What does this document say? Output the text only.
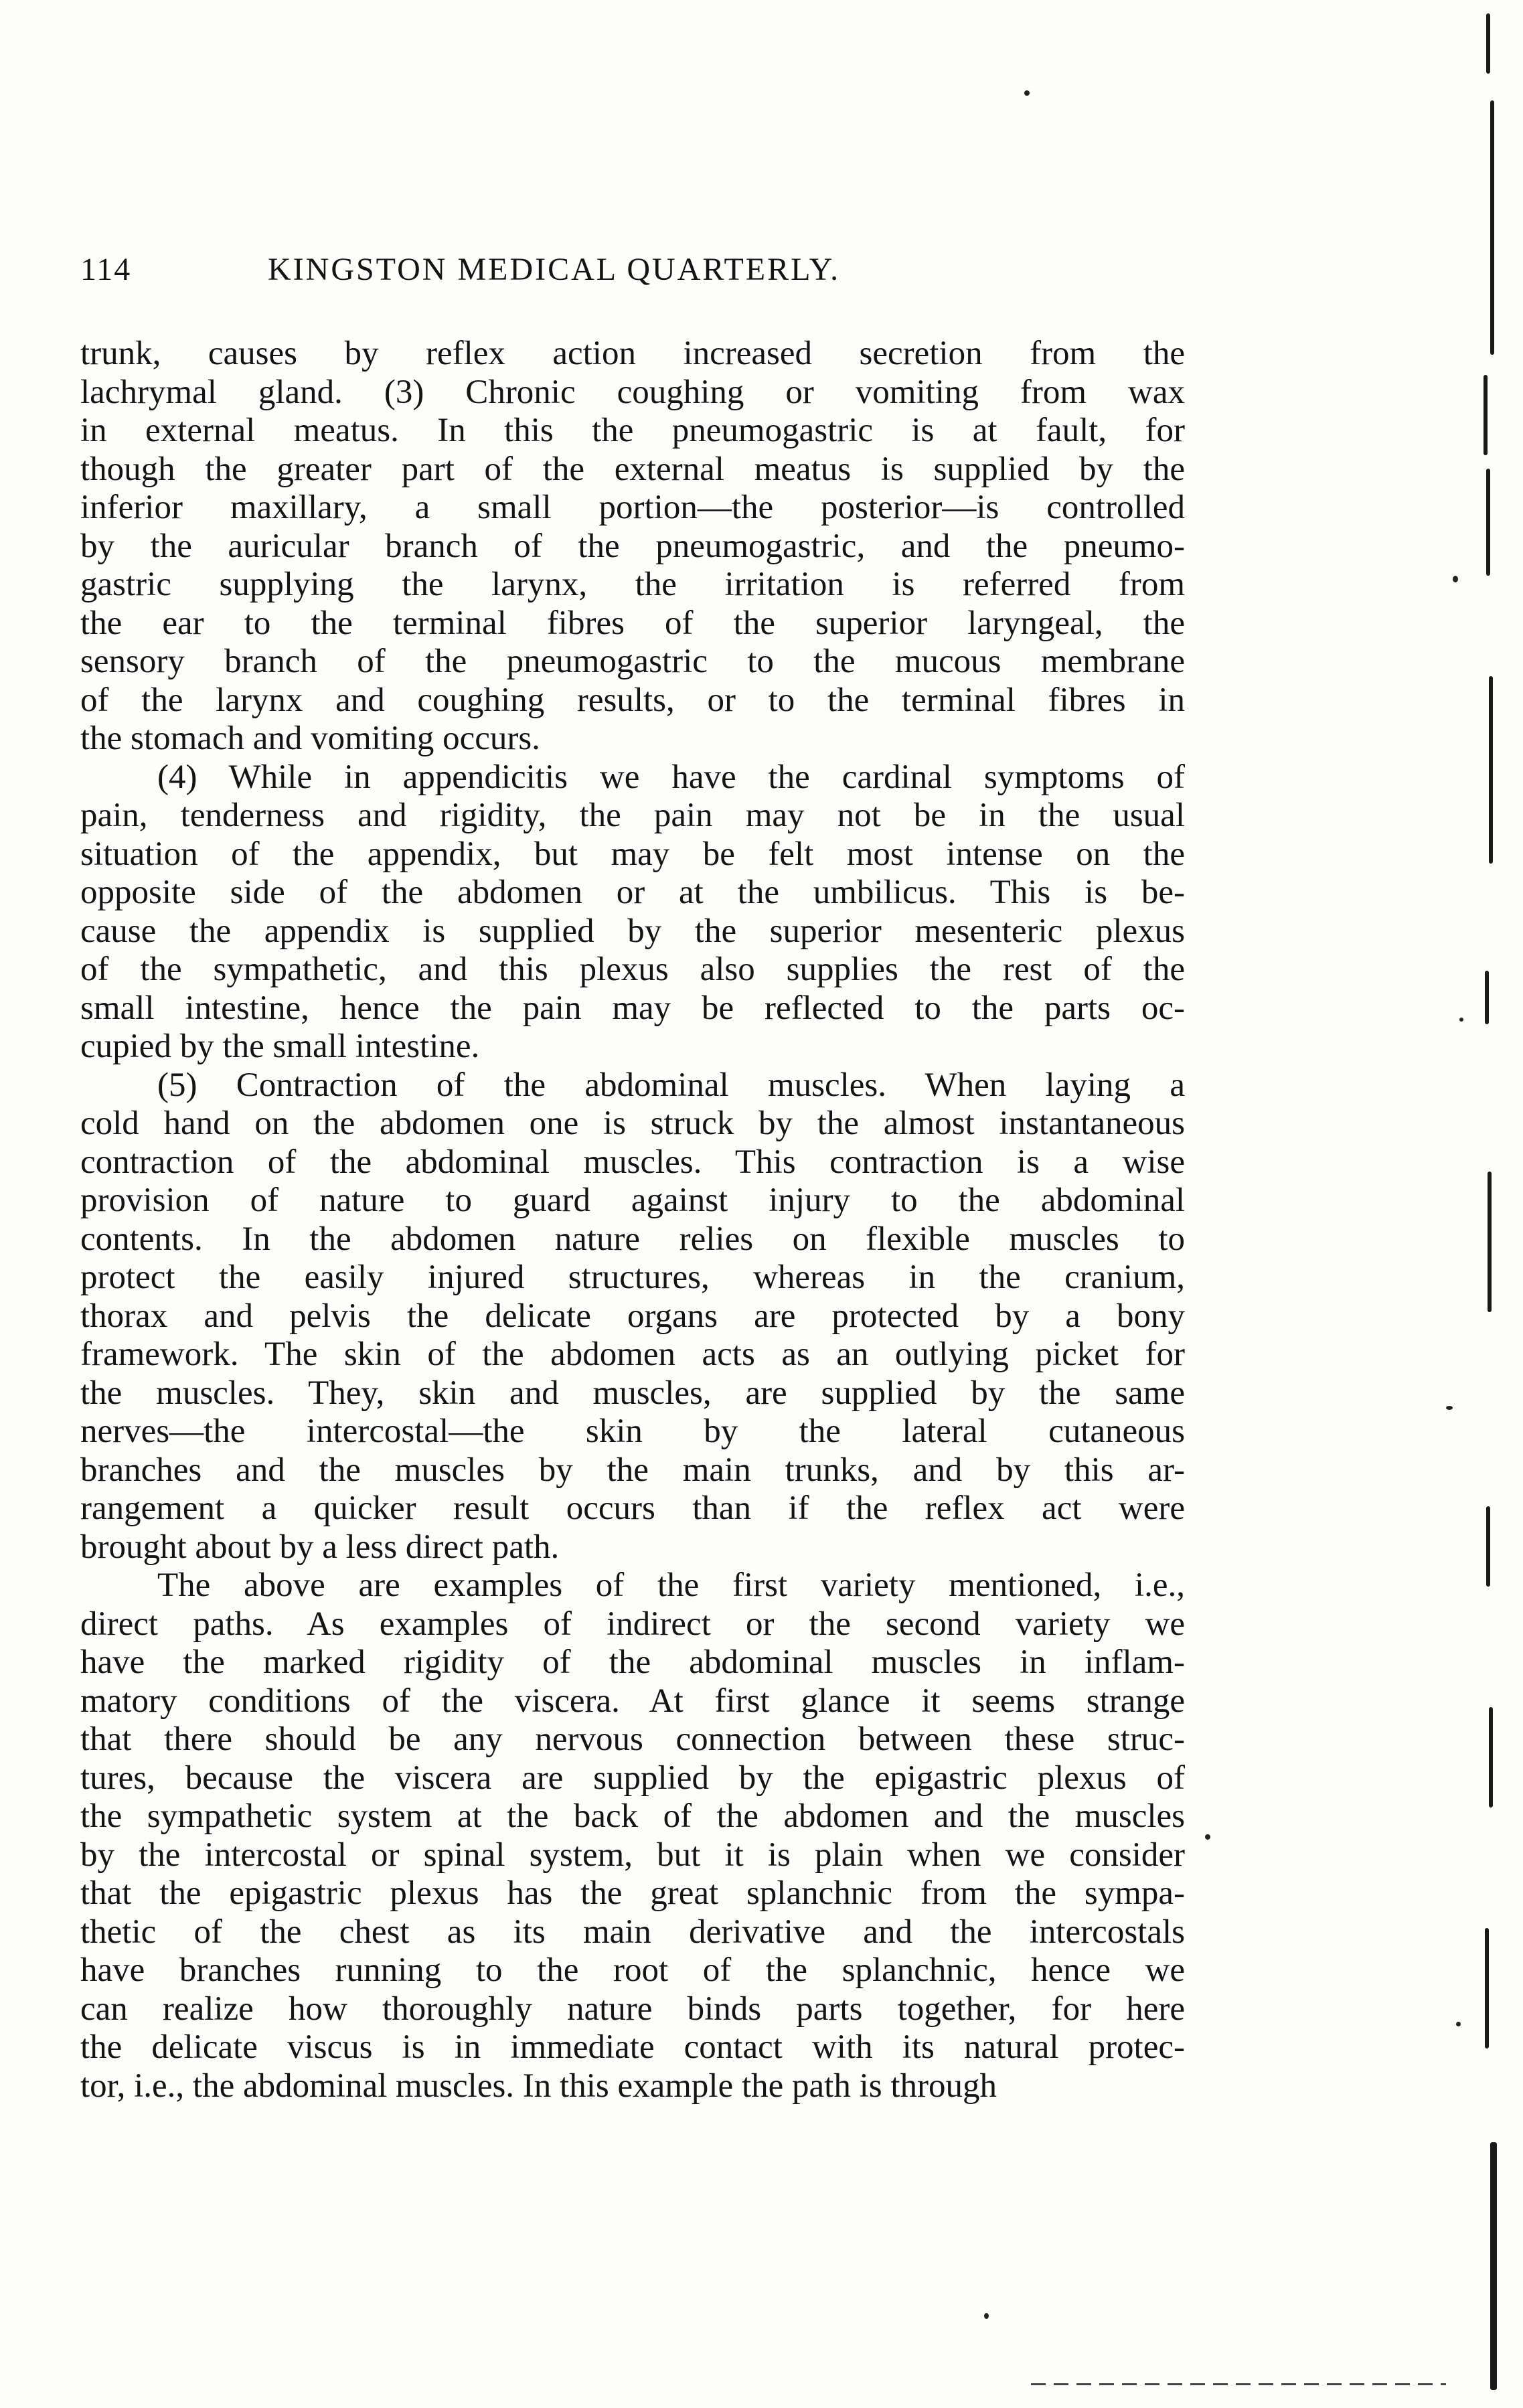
114	KINGSTON MEDICAL QUARTERLY.

trunk, causes by reflex action increased secretion from the

lachrymal gland. (3) Chronic coughing or vomiting from wax

in external meatus. In this the pneumogastric is at fault, for

though the greater part of the external meatus is supplied by the

inferior maxillary, a small portion—the posterior—is controlled

by the auricular branch of the pneumogastric, and the pneumo-

gastric supplying the larynx, the irritation is referred from

the ear to the terminal fibres of the superior laryngeal, the

sensory branch of the pneumogastric to the mucous membrane

of the larynx and coughing results, or to the terminal fibres in

the stomach and vomiting occurs.

(4) While in appendicitis we have the cardinal symptoms of

pain, tenderness and rigidity, the pain may not be in the usual

situation of the appendix, but may be felt most intense on the

opposite side of the abdomen or at the umbilicus. This is be-

cause the appendix is supplied by the superior mesenteric plexus

of the sympathetic, and this plexus also supplies the rest of the

small intestine, hence the pain may be reflected to the parts oc-

cupied by the small intestine.

(5) Contraction of the abdominal muscles. When laying a

cold hand on the abdomen one is struck by the almost instantaneous

contraction of the abdominal muscles. This contraction is a wise

provision of nature to guard against injury to the abdominal

contents. In the abdomen nature relies on flexible muscles to

protect the easily injured structures, whereas in the cranium,

thorax and pelvis the delicate organs are protected by a bony

framework. The skin of the abdomen acts as an outlying picket for

the muscles. They, skin and muscles, are supplied by the same

nerves—the intercostal—the skin by the lateral cutaneous

branches and the muscles by the main trunks, and by this ar-

rangement a quicker result occurs than if the reflex act were

brought about by a less direct path.

The above are examples of the first variety mentioned, i.e.,

direct paths. As examples of indirect or the second variety we

have the marked rigidity of the abdominal muscles in inflam-

matory conditions of the viscera. At first glance it seems strange

that there should be any nervous connection between these struc-

tures, because the viscera are supplied by the epigastric plexus of

the sympathetic system at the back of the abdomen and the muscles

by the intercostal or spinal system, but it is plain when we consider

that the epigastric plexus has the great splanchnic from the sympa-

thetic of the chest as its main derivative and the intercostals

have branches running to the root of the splanchnic, hence we

can realize how thoroughly nature binds parts together, for here

the delicate viscus is in immediate contact with its natural protec-

tor, i.e., the abdominal muscles. In this example the path is through
